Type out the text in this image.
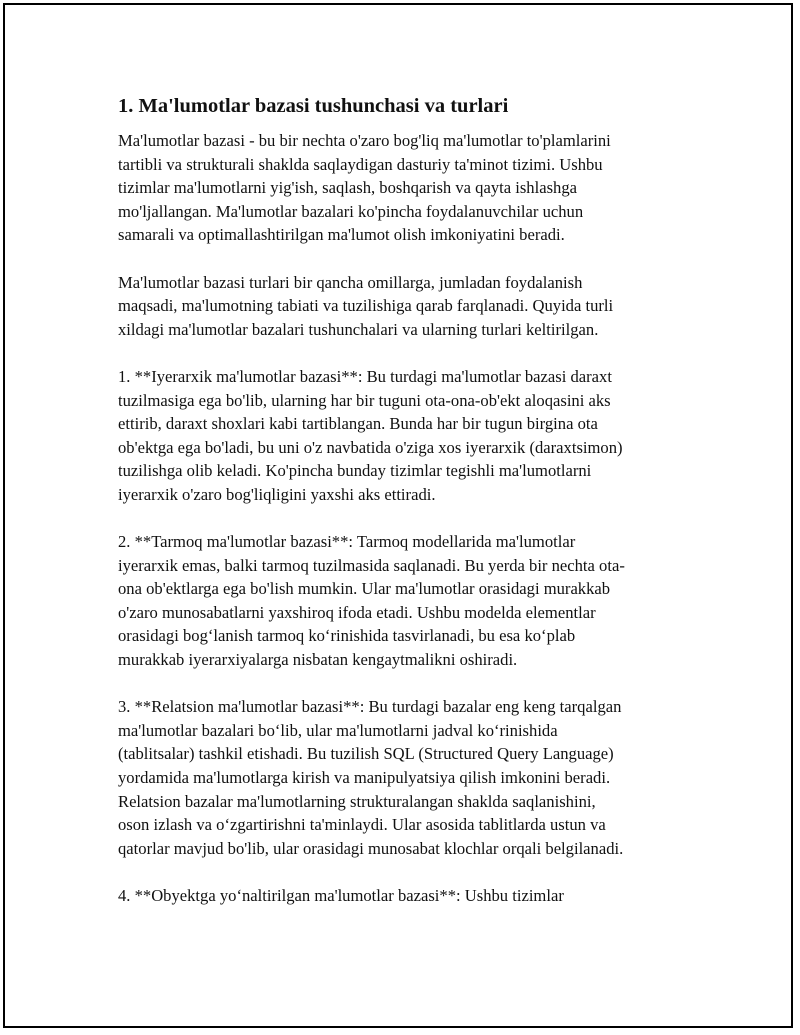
1. Ma'lumotlar bazasi tushunchasi va turlari
Ma'lumotlar bazasi - bu bir nechta o'zaro bog'liq ma'lumotlar to'plamlarini
tartibli va strukturali shaklda saqlaydigan dasturiy ta'minot tizimi. Ushbu
tizimlar ma'lumotlarni yig'ish, saqlash, boshqarish va qayta ishlashga
mo'ljallangan. Ma'lumotlar bazalari ko'pincha foydalanuvchilar uchun
samarali va optimallashtirilgan ma'lumot olish imkoniyatini beradi.
Ma'lumotlar bazasi turlari bir qancha omillarga, jumladan foydalanish
maqsadi, ma'lumotning tabiati va tuzilishiga qarab farqlanadi. Quyida turli
xildagi ma'lumotlar bazalari tushunchalari va ularning turlari keltirilgan.
1. **Iyerarxik ma'lumotlar bazasi**: Bu turdagi ma'lumotlar bazasi daraxt
tuzilmasiga ega bo'lib, ularning har bir tuguni ota-ona-ob'ekt aloqasini aks
ettirib, daraxt shoxlari kabi tartiblangan. Bunda har bir tugun birgina ota
ob'ektga ega bo'ladi, bu uni o'z navbatida o'ziga xos iyerarxik (daraxtsimon)
tuzilishga olib keladi. Ko'pincha bunday tizimlar tegishli ma'lumotlarni
iyerarxik o'zaro bog'liqligini yaxshi aks ettiradi.
2. **Tarmoq ma'lumotlar bazasi**: Tarmoq modellarida ma'lumotlar
iyerarxik emas, balki tarmoq tuzilmasida saqlanadi. Bu yerda bir nechta ota-
ona ob'ektlarga ega bo'lish mumkin. Ular ma'lumotlar orasidagi murakkab
o'zaro munosabatlarni yaxshiroq ifoda etadi. Ushbu modelda elementlar
orasidagi bog‘lanish tarmoq ko‘rinishida tasvirlanadi, bu esa ko‘plab
murakkab iyerarxiyalarga nisbatan kengaytmalikni oshiradi.
3. **Relatsion ma'lumotlar bazasi**: Bu turdagi bazalar eng keng tarqalgan
ma'lumotlar bazalari bo‘lib, ular ma'lumotlarni jadval ko‘rinishida
(tablitsalar) tashkil etishadi. Bu tuzilish SQL (Structured Query Language)
yordamida ma'lumotlarga kirish va manipulyatsiya qilish imkonini beradi.
Relatsion bazalar ma'lumotlarning strukturalangan shaklda saqlanishini,
oson izlash va o‘zgartirishni ta'minlaydi. Ular asosida tablitlarda ustun va
qatorlar mavjud bo'lib, ular orasidagi munosabat klochlar orqali belgilanadi.
4. **Obyektga yo‘naltirilgan ma'lumotlar bazasi**: Ushbu tizimlar
